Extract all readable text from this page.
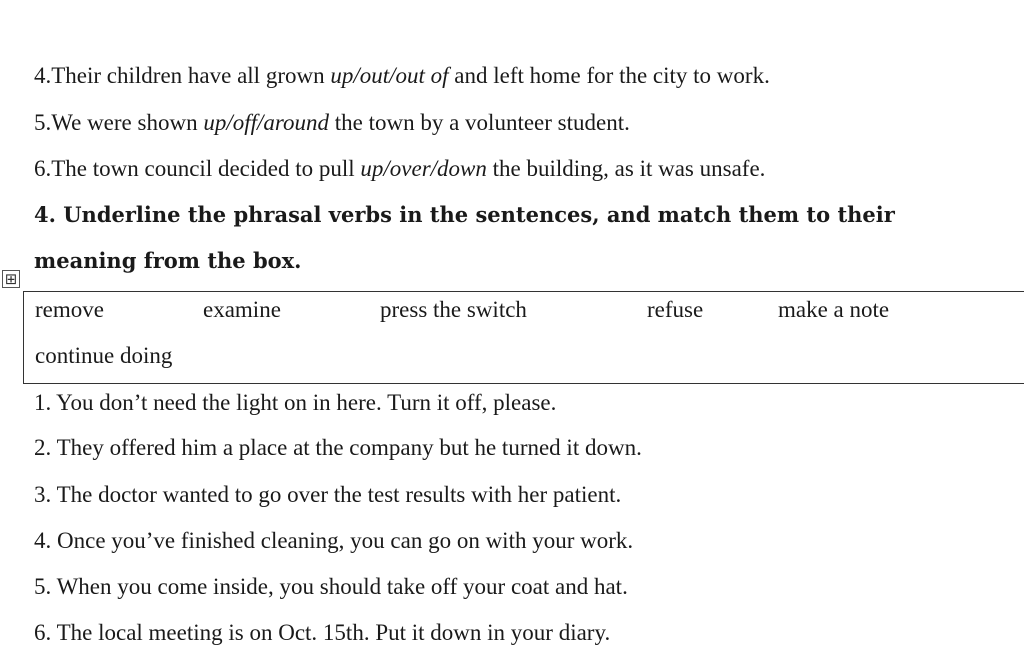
4.Their children have all grown up/out/out of and left home for the city to work.
5.We were shown up/off/around the town by a volunteer student.
6.The town council decided to pull up/over/down the building, as it was unsafe.
4. Underline the phrasal verbs in the sentences, and match them to their
meaning from the box.
⊞
remove	examine	press the switch	refuse	make a note
continue doing
1. You don’t need the light on in here. Turn it off, please.
2. They offered him a place at the company but he turned it down.
3. The doctor wanted to go over the test results with her patient.
4. Once you’ve finished cleaning, you can go on with your work.
5. When you come inside, you should take off your coat and hat.
6. The local meeting is on Oct. 15th. Put it down in your diary.
